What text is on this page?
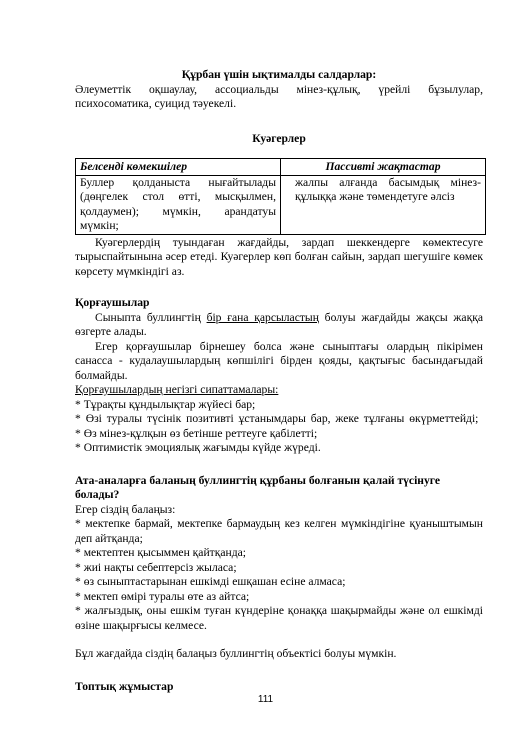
Құрбан үшін ықтималды салдарлар:

Әлеуметтік оқшаулау, ассоциальды мінез-құлық, үрейлі бұзылулар, психосоматика, суицид тәуекелі.

Куәгерлер

Белсенді көмекшілер	Пассивті жақтастар
Буллер қолданыста нығайтылады (дөңгелек стол өтті, мысқылмен, қолдаумен); мүмкін, арандатуы мүмкін;	жалпы алғанда басымдық мінез-құлыққа және төмендетуге әлсіз

Куәгерлердің туындаған жағдайды, зардап шеккендерге көмектесуге тырыспайтынына әсер етеді. Куәгерлер көп болған сайын, зардап шегушіге көмек көрсету мүмкіндігі аз.

Қорғаушылар

Сыныпта буллингтің бір ғана қарсыластың болуы жағдайды жақсы жаққа өзгерте алады.

Егер қорғаушылар бірнешеу болса және сыныптағы олардың пікірімен санасса - кудалаушылардың көпшілігі бірден қояды, қақтығыс басындағыдай болмайды.

Қорғаушылардың негізгі сипаттамалары:

* Тұрақты құндылықтар жүйесі бар;

* Өзі туралы түсінік позитивті ұстанымдары бар, жеке тұлғаны өкүрметтейді;

* Өз мінез-құлқын өз бетінше реттеуге қабілетті;

* Оптимистік эмоциялық жағымды күйде жүреді.

Ата-аналарға баланың буллингтің құрбаны болғанын қалай түсінуге болады?

Егер сіздің балаңыз:

* мектепке бармай, мектепке бармаудың кез келген мүмкіндігіне қуаныштымын деп айтқанда;

* мектептен қысыммен қайтқанда;

* жиі нақты себептерсіз жыласа;

* өз сыныптастарынан ешкімді ешқашан есіне алмаса;

* мектеп өмірі туралы өте аз айтса;

* жалғыздық, оны ешкім туған күндеріне қонаққа шақырмайды және ол ешкімді өзіне шақырғысы келмесе.

Бұл жағдайда сіздің балаңыз буллингтің объектісі болуы мүмкін.

Топтық жұмыстар

111
